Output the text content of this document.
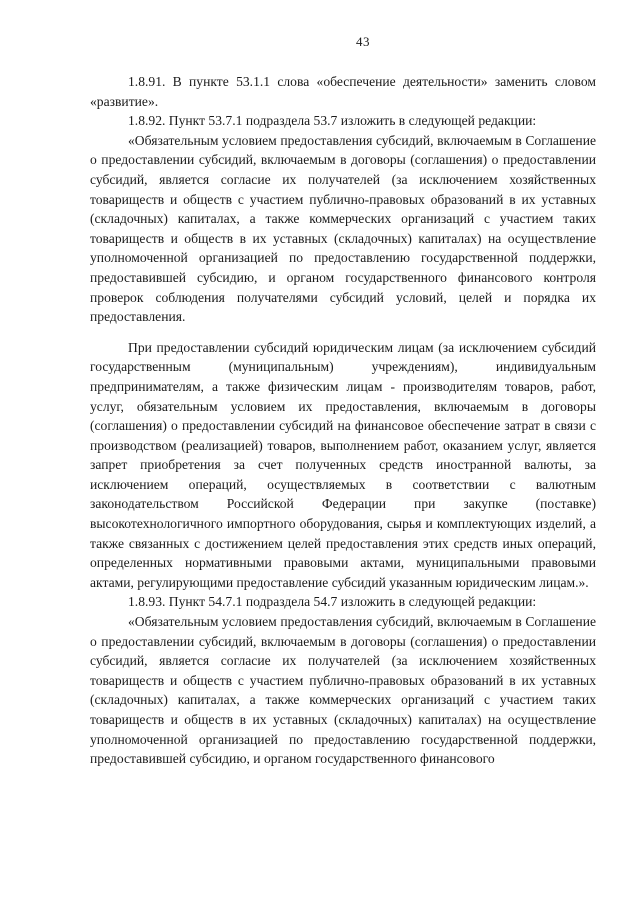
43

1.8.91. В пункте 53.1.1 слова «обеспечение деятельности» заменить словом «развитие».

1.8.92. Пункт 53.7.1 подраздела 53.7 изложить в следующей редакции:

«Обязательным условием предоставления субсидий, включаемым в Соглашение о предоставлении субсидий, включаемым в договоры (соглашения) о предоставлении субсидий, является согласие их получателей (за исключением хозяйственных товариществ и обществ с участием публично-правовых образований в их уставных (складочных) капиталах, а также коммерческих организаций с участием таких товариществ и обществ в их уставных (складочных) капиталах) на осуществление уполномоченной организацией по предоставлению государственной поддержки, предоставившей субсидию, и органом государственного финансового контроля проверок соблюдения получателями субсидий условий, целей и порядка их предоставления.

При предоставлении субсидий юридическим лицам (за исключением субсидий государственным (муниципальным) учреждениям), индивидуальным предпринимателям, а также физическим лицам - производителям товаров, работ, услуг, обязательным условием их предоставления, включаемым в договоры (соглашения) о предоставлении субсидий на финансовое обеспечение затрат в связи с производством (реализацией) товаров, выполнением работ, оказанием услуг, является запрет приобретения за счет полученных средств иностранной валюты, за исключением операций, осуществляемых в соответствии с валютным законодательством Российской Федерации при закупке (поставке) высокотехнологичного импортного оборудования, сырья и комплектующих изделий, а также связанных с достижением целей предоставления этих средств иных операций, определенных нормативными правовыми актами, муниципальными правовыми актами, регулирующими предоставление субсидий указанным юридическим лицам.».

1.8.93. Пункт 54.7.1 подраздела 54.7 изложить в следующей редакции:

«Обязательным условием предоставления субсидий, включаемым в Соглашение о предоставлении субсидий, включаемым в договоры (соглашения) о предоставлении субсидий, является согласие их получателей (за исключением хозяйственных товариществ и обществ с участием публично-правовых образований в их уставных (складочных) капиталах, а также коммерческих организаций с участием таких товариществ и обществ в их уставных (складочных) капиталах) на осуществление уполномоченной организацией по предоставлению государственной поддержки, предоставившей субсидию, и органом государственного финансового
